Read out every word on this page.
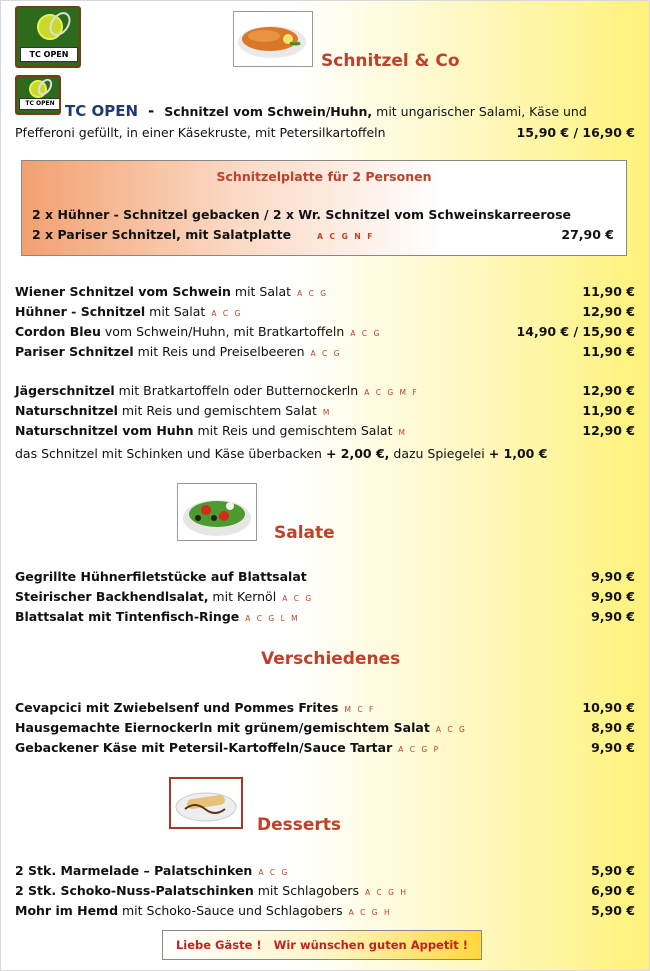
TC OPEN	Schnitzel & Co
TC OPEN TC OPEN - Schnitzel vom Schwein/Huhn, mit ungarischer Salami, Käse und
Pfefferoni gefüllt, in einer Käsekruste, mit Petersilkartoffeln	15,90 € / 16,90 €
Schnitzelplatte für 2 Personen
2 x Hühner - Schnitzel gebacken / 2 x Wr. Schnitzel vom Schweinskarreerose
2 x Pariser Schnitzel, mit Salatplatte	A C G N F	27,90 €
Wiener Schnitzel vom Schwein mit Salat A C G	11,90 €
Hühner - Schnitzel mit Salat A C G	12,90 €
Cordon Bleu vom Schwein/Huhn, mit Bratkartoffeln A C G	14,90 € / 15,90 €
Pariser Schnitzel mit Reis und Preiselbeeren A C G	11,90 €
Jägerschnitzel mit Bratkartoffeln oder Butternockerln A C G M F	12,90 €
Naturschnitzel mit Reis und gemischtem Salat M	11,90 €
Naturschnitzel vom Huhn mit Reis und gemischtem Salat M	12,90 €
das Schnitzel mit Schinken und Käse überbacken + 2,00 €, dazu Spiegelei + 1,00 €
Salate
Gegrillte Hühnerfiletstücke auf Blattsalat	9,90 €
Steirischer Backhendlsalat, mit Kernöl A C G	9,90 €
Blattsalat mit Tintenfisch-Ringe A C G L M	9,90 €
Verschiedenes
Cevapcici mit Zwiebelsenf und Pommes Frites M C F	10,90 €
Hausgemachte Eiernockerln mit grünem/gemischtem Salat A C G	8,90 €
Gebackener Käse mit Petersil-Kartoffeln/Sauce Tartar A C G P	9,90 €
Desserts
2 Stk. Marmelade – Palatschinken A C G	5,90 €
2 Stk. Schoko-Nuss-Palatschinken mit Schlagobers A C G H	6,90 €
Mohr im Hemd mit Schoko-Sauce und Schlagobers A C G H	5,90 €
Liebe Gäste !   Wir wünschen guten Appetit !
